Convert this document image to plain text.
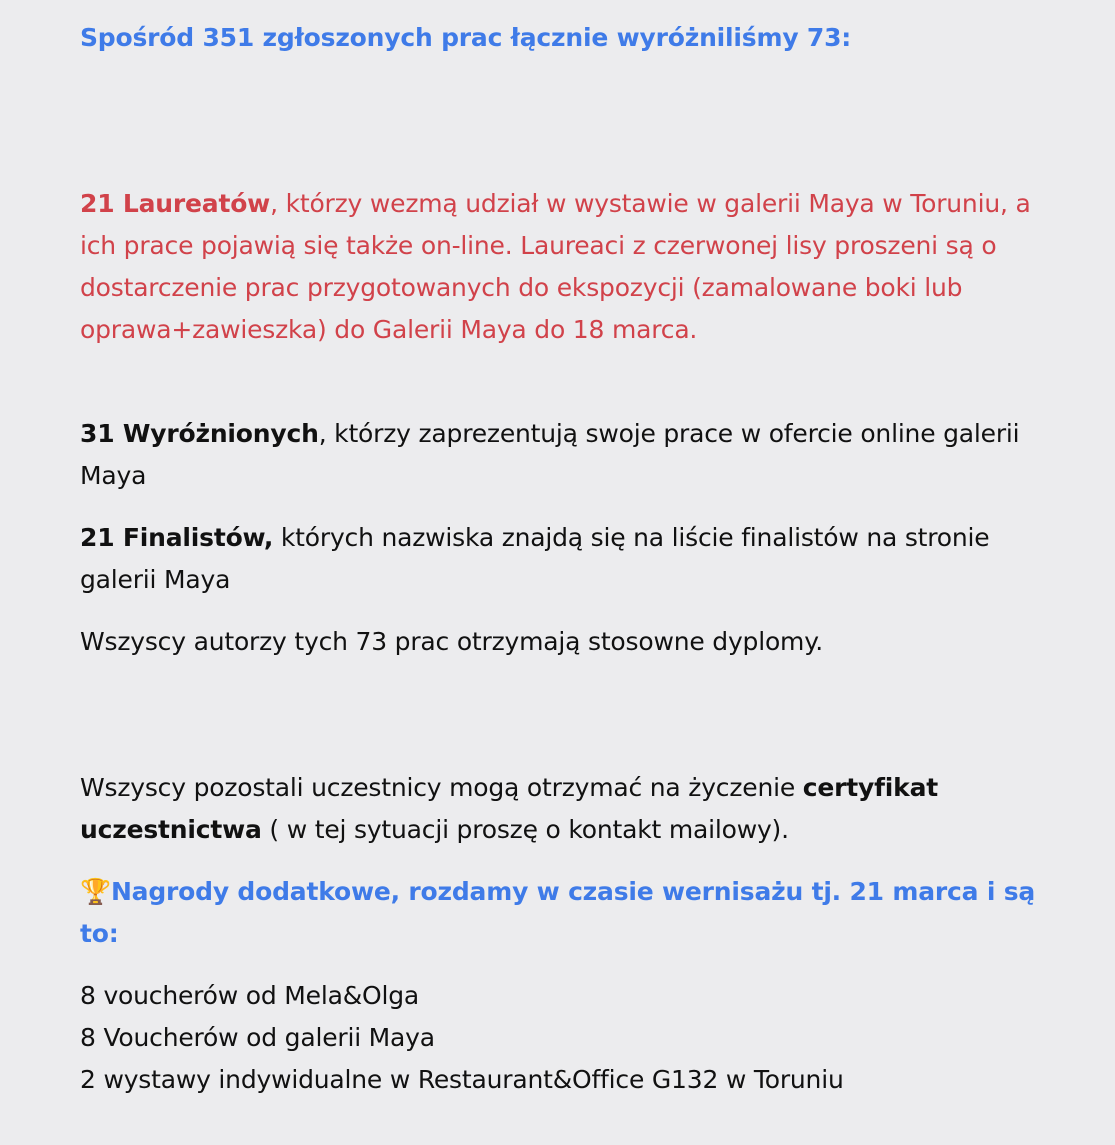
Spośród 351 zgłoszonych prac łącznie wyróżniliśmy 73:

21 Laureatów, którzy wezmą udział w wystawie w galerii Maya w Toruniu, a ich prace pojawią się także on-line. Laureaci z czerwonej lisy proszeni są o dostarczenie prac przygotowanych do ekspozycji (zamalowane boki lub oprawa+zawieszka) do Galerii Maya do 18 marca.

31 Wyróżnionych, którzy zaprezentują swoje prace w ofercie online galerii Maya

21 Finalistów, których nazwiska znajdą się na liście finalistów na stronie galerii Maya

Wszyscy autorzy tych 73 prac otrzymają stosowne dyplomy.

Wszyscy pozostali uczestnicy mogą otrzymać na życzenie certyfikat uczestnictwa ( w tej sytuacji proszę o kontakt mailowy).

🏆Nagrody dodatkowe, rozdamy w czasie wernisażu tj. 21 marca i są to:

8 voucherów od Mela&Olga
8 Voucherów od galerii Maya
2 wystawy indywidualne w Restaurant&Office G132 w Toruniu
